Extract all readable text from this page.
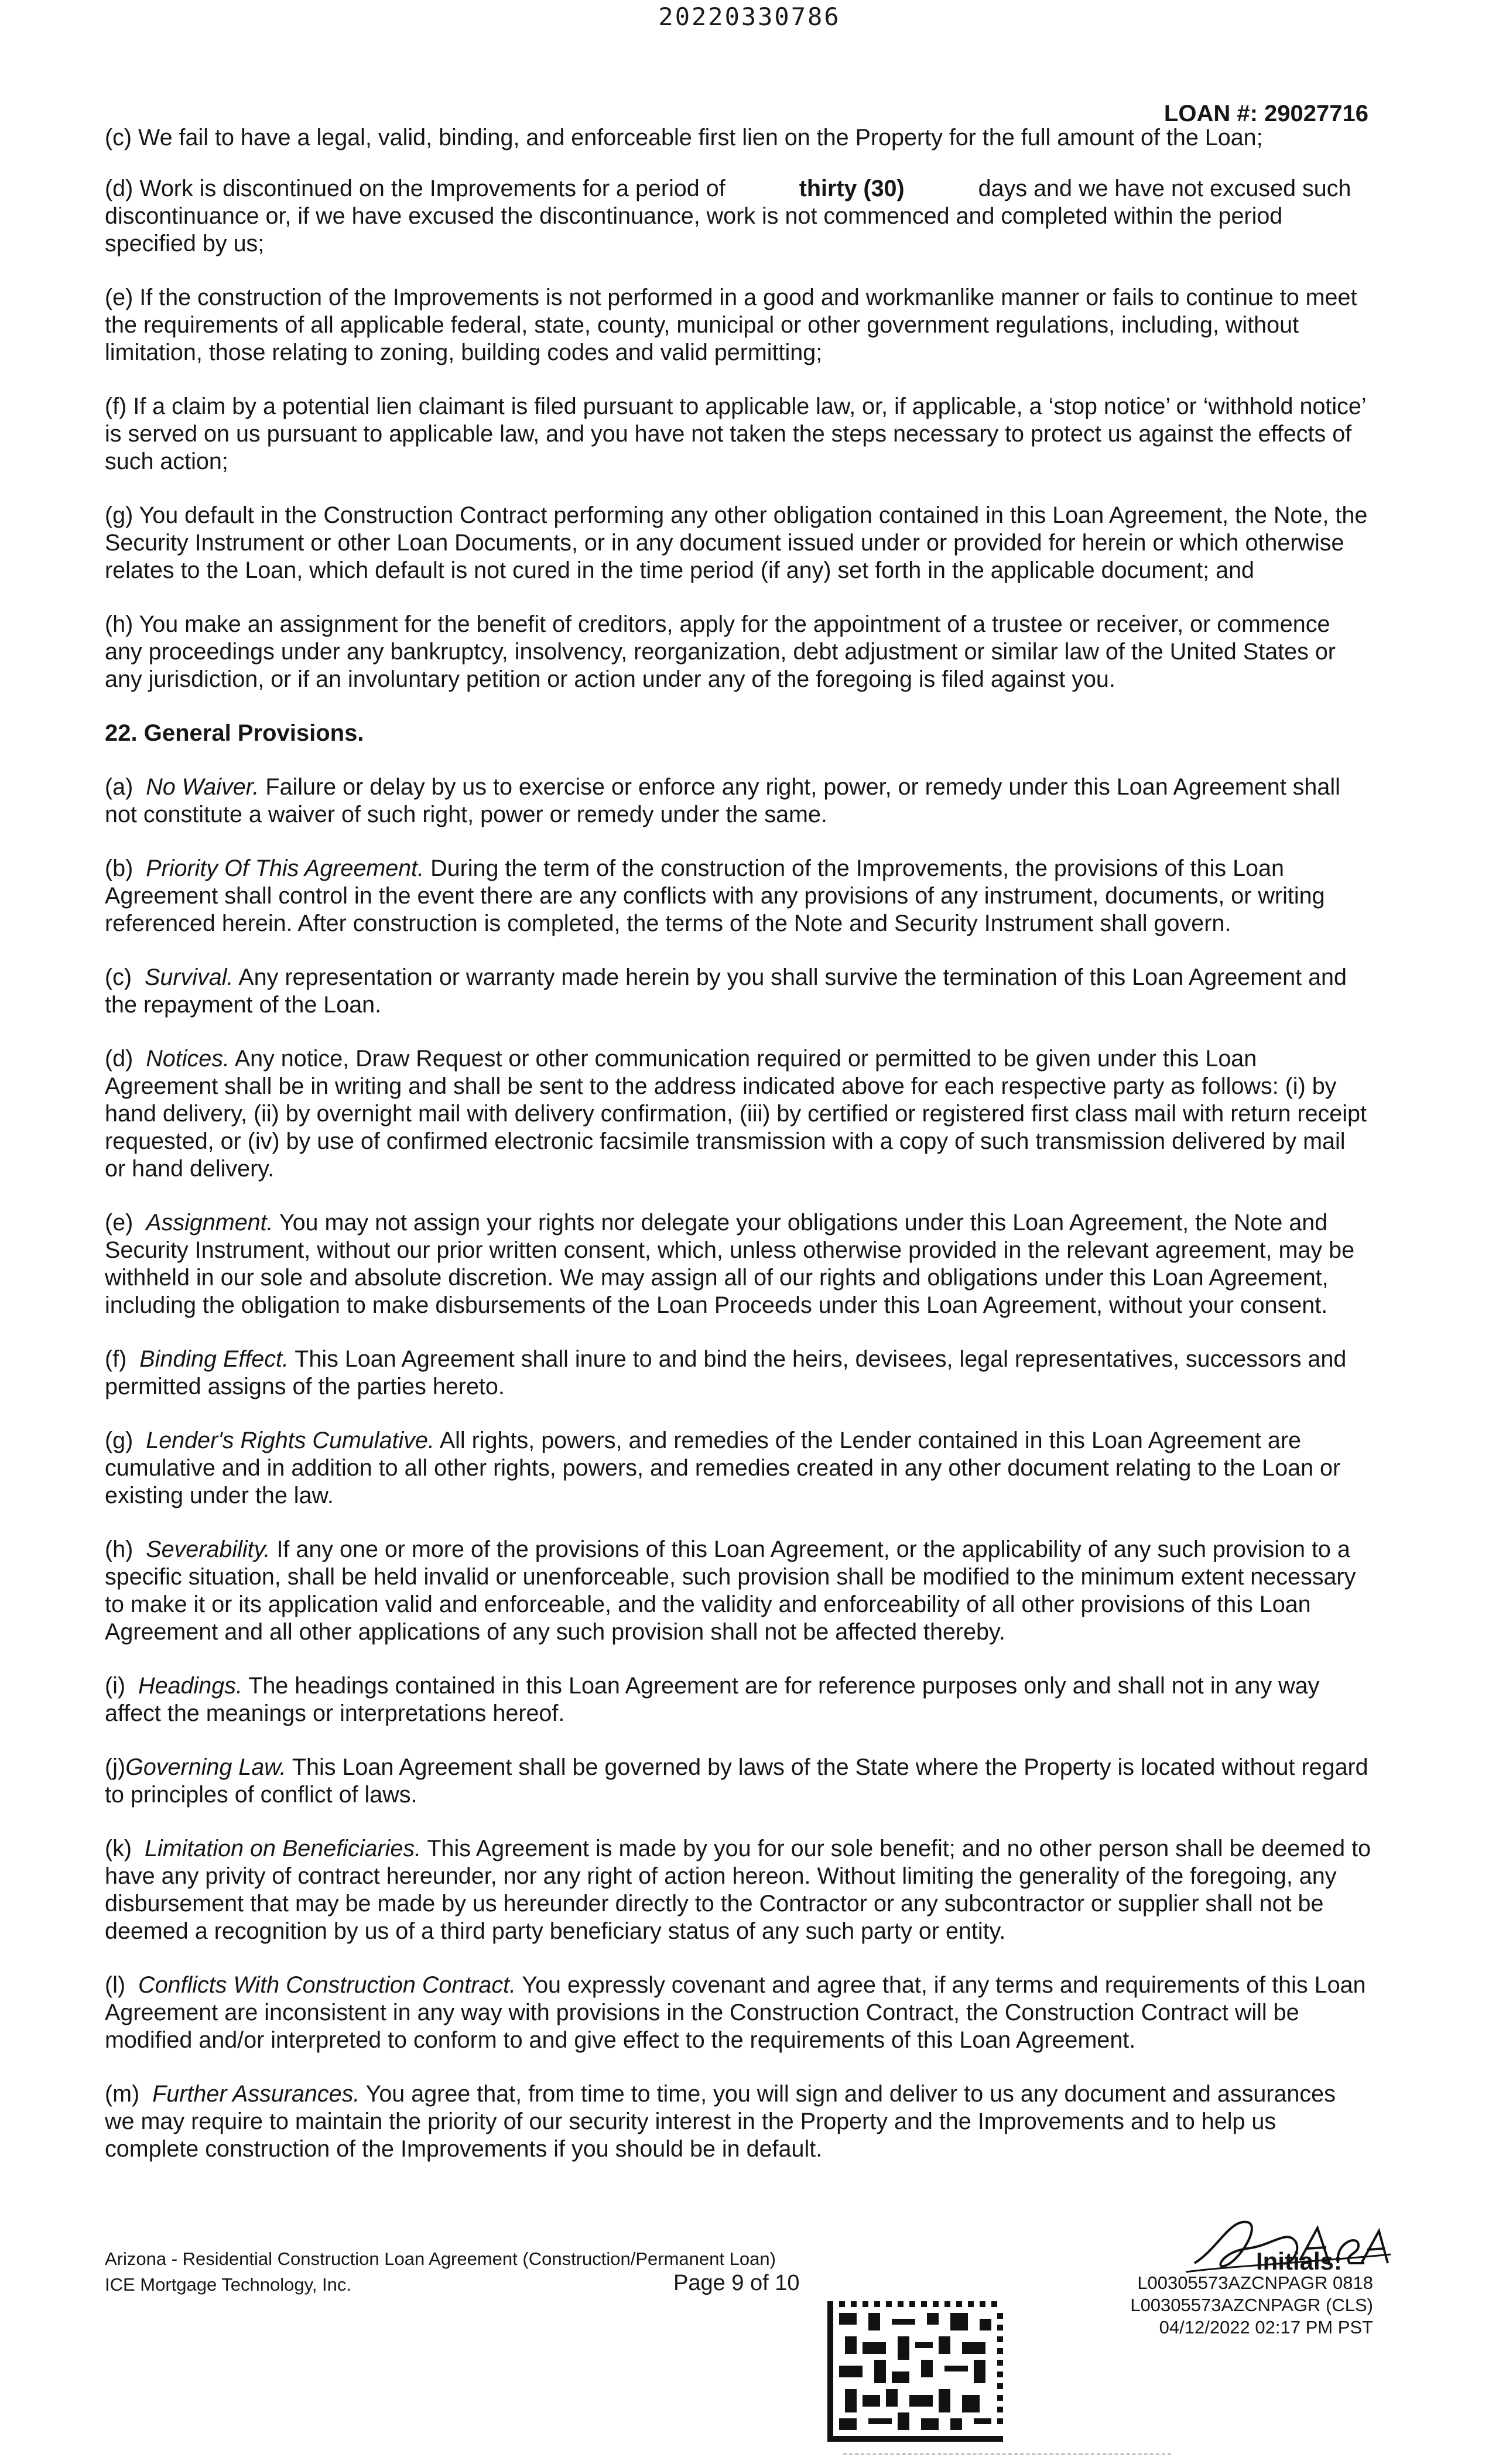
20220330786
LOAN #: 29027716

(c) We fail to have a legal, valid, binding, and enforceable first lien on the Property for the full amount of the Loan;

(d) Work is discontinued on the Improvements for a period of	thirty (30)	days and we have not excused such discontinuance or, if we have excused the discontinuance, work is not commenced and completed within the period specified by us;

(e) If the construction of the Improvements is not performed in a good and workmanlike manner or fails to continue to meet the requirements of all applicable federal, state, county, municipal or other government regulations, including, without limitation, those relating to zoning, building codes and valid permitting;

(f) If a claim by a potential lien claimant is filed pursuant to applicable law, or, if applicable, a ‘stop notice’ or ‘withhold notice’ is served on us pursuant to applicable law, and you have not taken the steps necessary to protect us against the effects of such action;

(g) You default in the Construction Contract performing any other obligation contained in this Loan Agreement, the Note, the Security Instrument or other Loan Documents, or in any document issued under or provided for herein or which otherwise relates to the Loan, which default is not cured in the time period (if any) set forth in the applicable document; and

(h) You make an assignment for the benefit of creditors, apply for the appointment of a trustee or receiver, or commence any proceedings under any bankruptcy, insolvency, reorganization, debt adjustment or similar law of the United States or any jurisdiction, or if an involuntary petition or action under any of the foregoing is filed against you.

22. General Provisions.

(a) No Waiver. Failure or delay by us to exercise or enforce any right, power, or remedy under this Loan Agreement shall not constitute a waiver of such right, power or remedy under the same.

(b) Priority Of This Agreement. During the term of the construction of the Improvements, the provisions of this Loan Agreement shall control in the event there are any conflicts with any provisions of any instrument, documents, or writing referenced herein. After construction is completed, the terms of the Note and Security Instrument shall govern.

(c) Survival. Any representation or warranty made herein by you shall survive the termination of this Loan Agreement and the repayment of the Loan.

(d) Notices. Any notice, Draw Request or other communication required or permitted to be given under this Loan Agreement shall be in writing and shall be sent to the address indicated above for each respective party as follows: (i) by hand delivery, (ii) by overnight mail with delivery confirmation, (iii) by certified or registered first class mail with return receipt requested, or (iv) by use of confirmed electronic facsimile transmission with a copy of such transmission delivered by mail or hand delivery.

(e) Assignment. You may not assign your rights nor delegate your obligations under this Loan Agreement, the Note and Security Instrument, without our prior written consent, which, unless otherwise provided in the relevant agreement, may be withheld in our sole and absolute discretion. We may assign all of our rights and obligations under this Loan Agreement, including the obligation to make disbursements of the Loan Proceeds under this Loan Agreement, without your consent.

(f) Binding Effect. This Loan Agreement shall inure to and bind the heirs, devisees, legal representatives, successors and permitted assigns of the parties hereto.

(g) Lender's Rights Cumulative. All rights, powers, and remedies of the Lender contained in this Loan Agreement are cumulative and in addition to all other rights, powers, and remedies created in any other document relating to the Loan or existing under the law.

(h) Severability. If any one or more of the provisions of this Loan Agreement, or the applicability of any such provision to a specific situation, shall be held invalid or unenforceable, such provision shall be modified to the minimum extent necessary to make it or its application valid and enforceable, and the validity and enforceability of all other provisions of this Loan Agreement and all other applications of any such provision shall not be affected thereby.

(i) Headings. The headings contained in this Loan Agreement are for reference purposes only and shall not in any way affect the meanings or interpretations hereof.

(j)Governing Law. This Loan Agreement shall be governed by laws of the State where the Property is located without regard to principles of conflict of laws.

(k) Limitation on Beneficiaries. This Agreement is made by you for our sole benefit; and no other person shall be deemed to have any privity of contract hereunder, nor any right of action hereon. Without limiting the generality of the foregoing, any disbursement that may be made by us hereunder directly to the Contractor or any subcontractor or supplier shall not be deemed a recognition by us of a third party beneficiary status of any such party or entity.

(l) Conflicts With Construction Contract. You expressly covenant and agree that, if any terms and requirements of this Loan Agreement are inconsistent in any way with provisions in the Construction Contract, the Construction Contract will be modified and/or interpreted to conform to and give effect to the requirements of this Loan Agreement.

(m) Further Assurances. You agree that, from time to time, you will sign and deliver to us any document and assurances we may require to maintain the priority of our security interest in the Property and the Improvements and to help us complete construction of the Improvements if you should be in default.

Arizona - Residential Construction Loan Agreement (Construction/Permanent Loan)
ICE Mortgage Technology, Inc.	Page 9 of 10
Initials:
L00305573AZCNPAGR 0818
L00305573AZCNPAGR (CLS)
04/12/2022 02:17 PM PST
